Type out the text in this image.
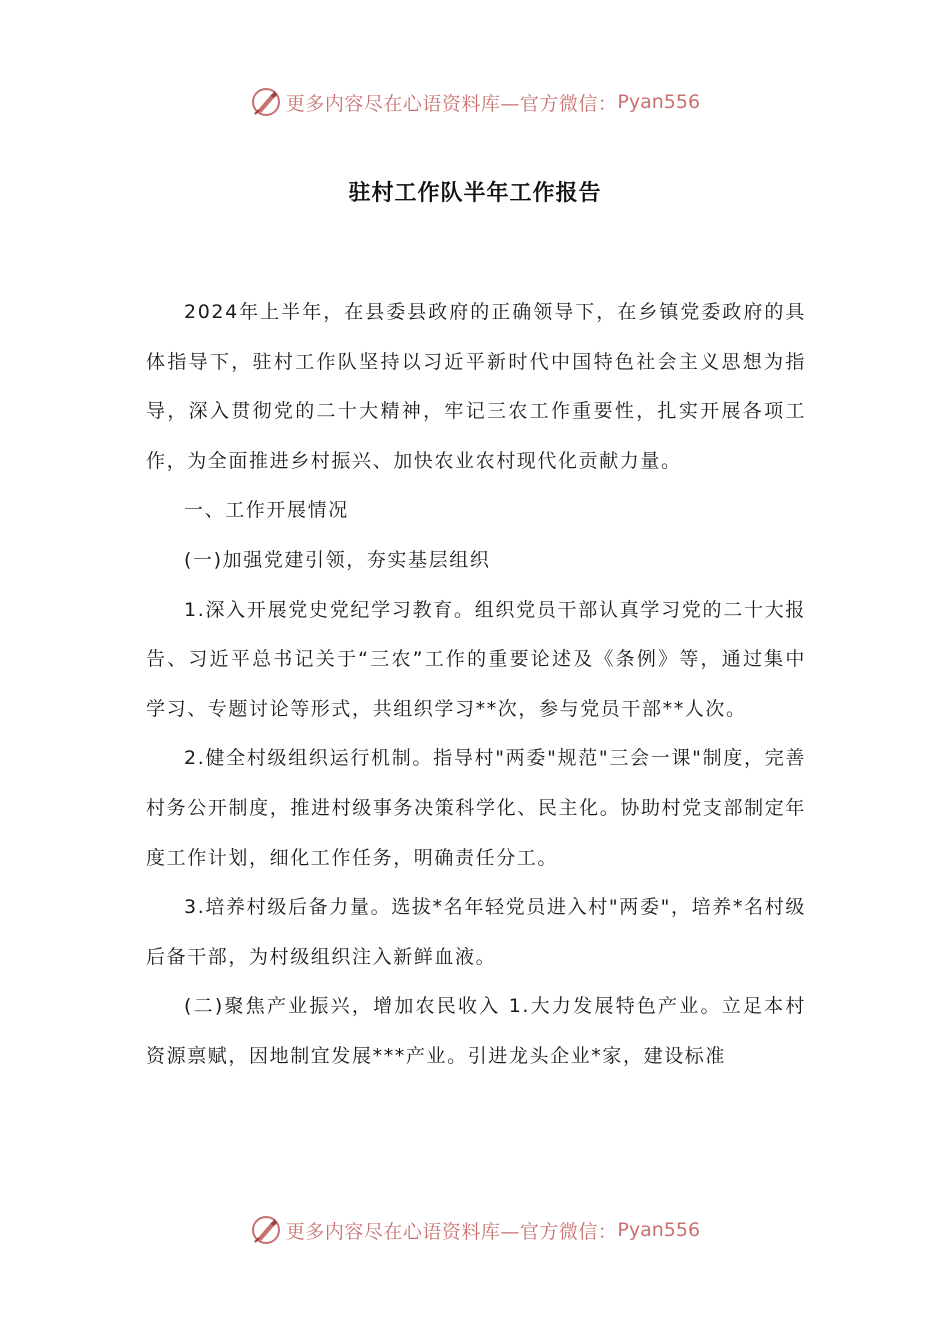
更多内容尽在心语资料库—官方微信： Pyan556
驻村工作队半年工作报告

2024年上半年，在县委县政府的正确领导下，在乡镇党委政府的具体指导下，驻村工作队坚持以习近平新时代中国特色社会主义思想为指导，深入贯彻党的二十大精神，牢记三农工作重要性，扎实开展各项工作，为全面推进乡村振兴、加快农业农村现代化贡献力量。

一、工作开展情况

(一)加强党建引领，夯实基层组织

1.深入开展党史党纪学习教育。组织党员干部认真学习党的二十大报告、习近平总书记关于“三农”工作的重要论述及《条例》等，通过集中学习、专题讨论等形式，共组织学习**次，参与党员干部**人次。

2.健全村级组织运行机制。指导村"两委"规范"三会一课"制度，完善村务公开制度，推进村级事务决策科学化、民主化。协助村党支部制定年度工作计划，细化工作任务，明确责任分工。

3.培养村级后备力量。选拔*名年轻党员进入村"两委"，培养*名村级后备干部，为村级组织注入新鲜血液。

(二)聚焦产业振兴，增加农民收入 1.大力发展特色产业。立足本村资源禀赋，因地制宜发展***产业。引进龙头企业*家，建设标准

更多内容尽在心语资料库—官方微信： Pyan556
